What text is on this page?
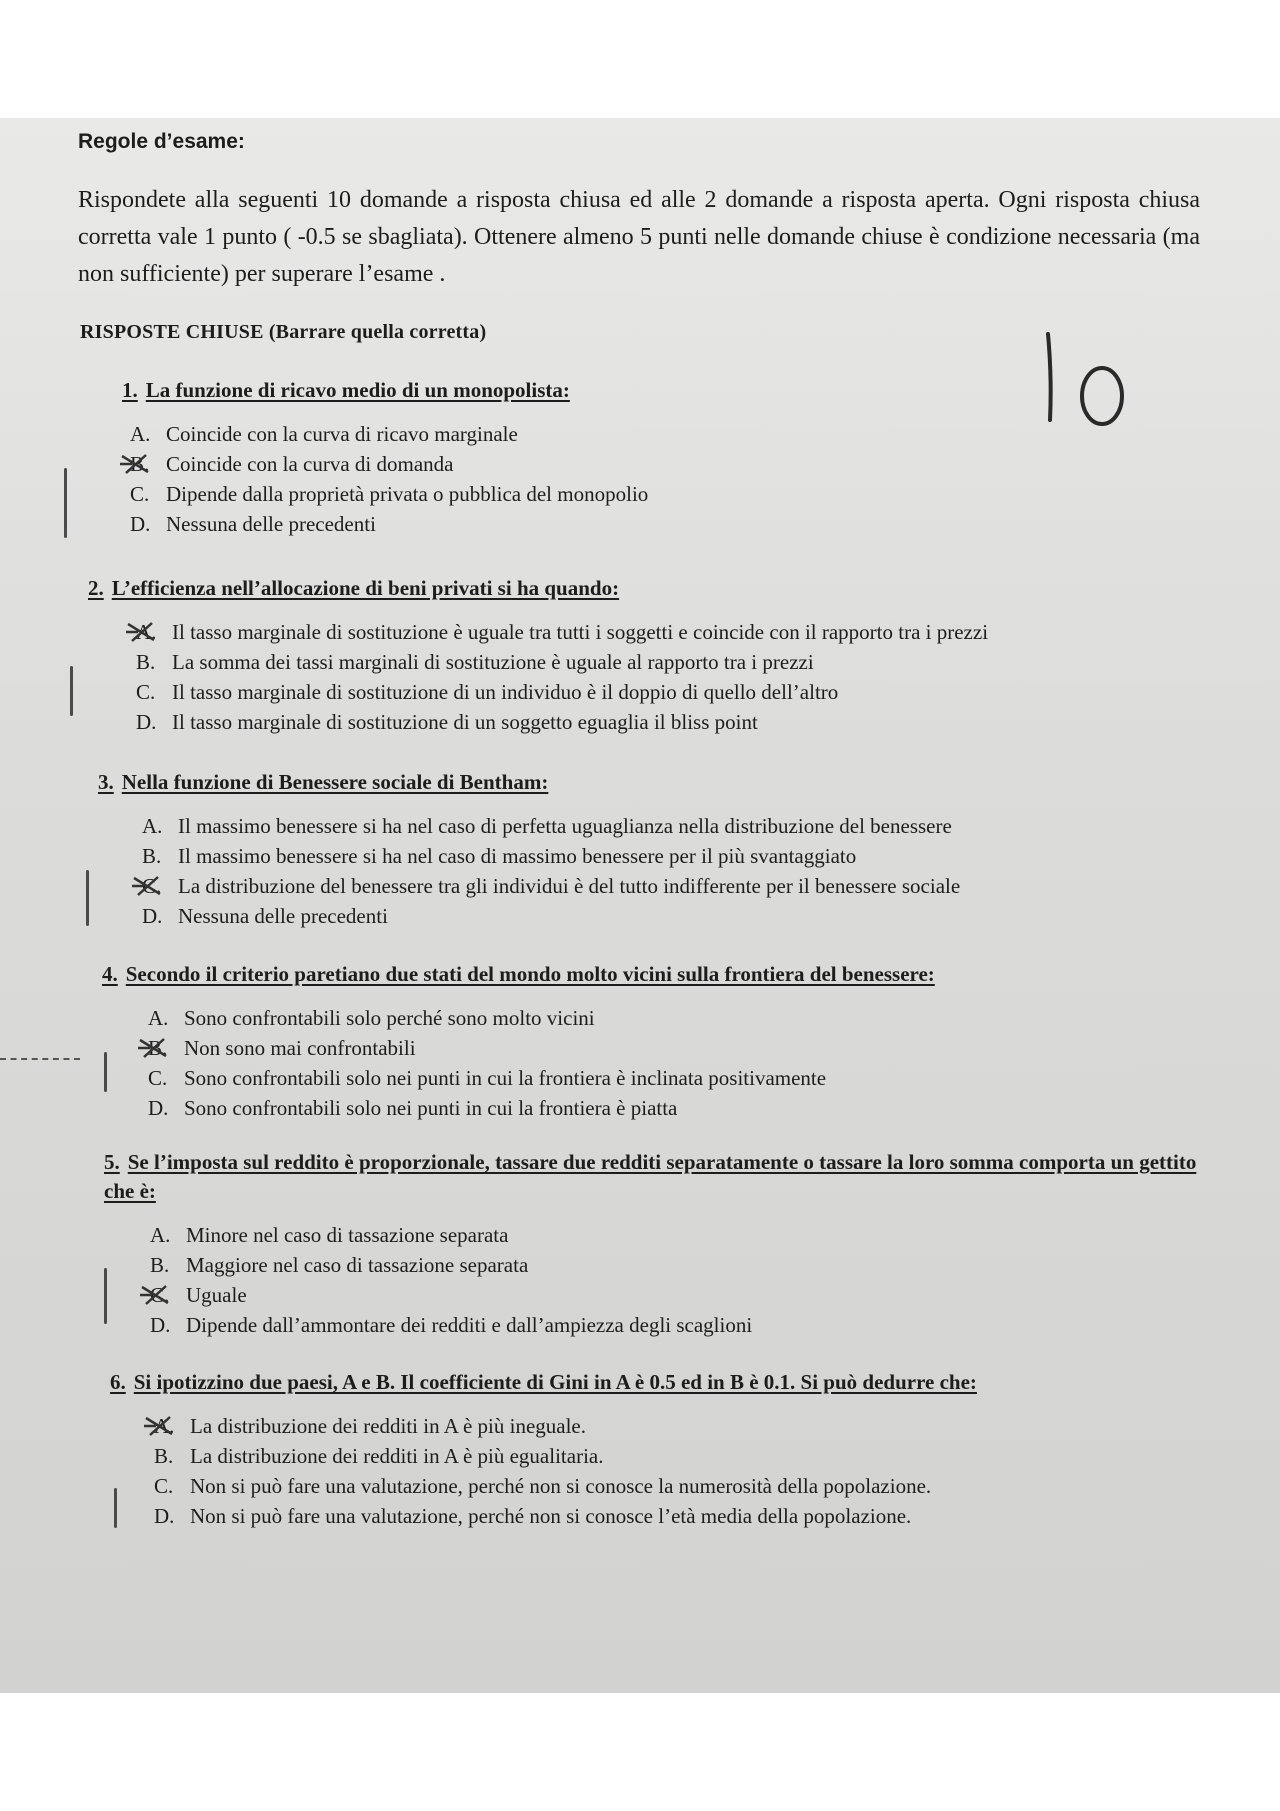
Regole d’esame:

Rispondete alla seguenti 10 domande a risposta chiusa ed alle 2 domande a risposta aperta. Ogni risposta chiusa corretta vale 1 punto ( -0.5 se sbagliata). Ottenere almeno 5 punti nelle domande chiuse è condizione necessaria (ma non sufficiente) per superare l’esame .

RISPOSTE CHIUSE (Barrare quella corretta)

1. La funzione di ricavo medio di un monopolista:

A. Coincide con la curva di ricavo marginale
B. Coincide con la curva di domanda
C. Dipende dalla proprietà privata o pubblica del monopolio
D. Nessuna delle precedenti

2. L’efficienza nell’allocazione di beni privati si ha quando:

A. Il tasso marginale di sostituzione è uguale tra tutti i soggetti e coincide con il rapporto tra i prezzi
B. La somma dei tassi marginali di sostituzione è uguale al rapporto tra i prezzi
C. Il tasso marginale di sostituzione di un individuo è il doppio di quello dell’altro
D. Il tasso marginale di sostituzione di un soggetto eguaglia il bliss point

3. Nella funzione di Benessere sociale di Bentham:

A. Il massimo benessere si ha nel caso di perfetta uguaglianza nella distribuzione del benessere
B. Il massimo benessere si ha nel caso di massimo benessere per il più svantaggiato
C. La distribuzione del benessere tra gli individui è del tutto indifferente per il benessere sociale
D. Nessuna delle precedenti

4. Secondo il criterio paretiano due stati del mondo molto vicini sulla frontiera del benessere:

A. Sono confrontabili solo perché sono molto vicini
B. Non sono mai confrontabili
C. Sono confrontabili solo nei punti in cui la frontiera è inclinata positivamente
D. Sono confrontabili solo nei punti in cui la frontiera è piatta

5. Se l’imposta sul reddito è proporzionale, tassare due redditi separatamente o tassare la loro somma comporta un gettito che è:

A. Minore nel caso di tassazione separata
B. Maggiore nel caso di tassazione separata
C. Uguale
D. Dipende dall’ammontare dei redditi e dall’ampiezza degli scaglioni

6. Si ipotizzino due paesi, A e B. Il coefficiente di Gini in A è 0.5 ed in B è 0.1. Si può dedurre che:

A. La distribuzione dei redditi in A è più ineguale.
B. La distribuzione dei redditi in A è più egualitaria.
C. Non si può fare una valutazione, perché non si conosce la numerosità della popolazione.
D. Non si può fare una valutazione, perché non si conosce l’età media della popolazione.
